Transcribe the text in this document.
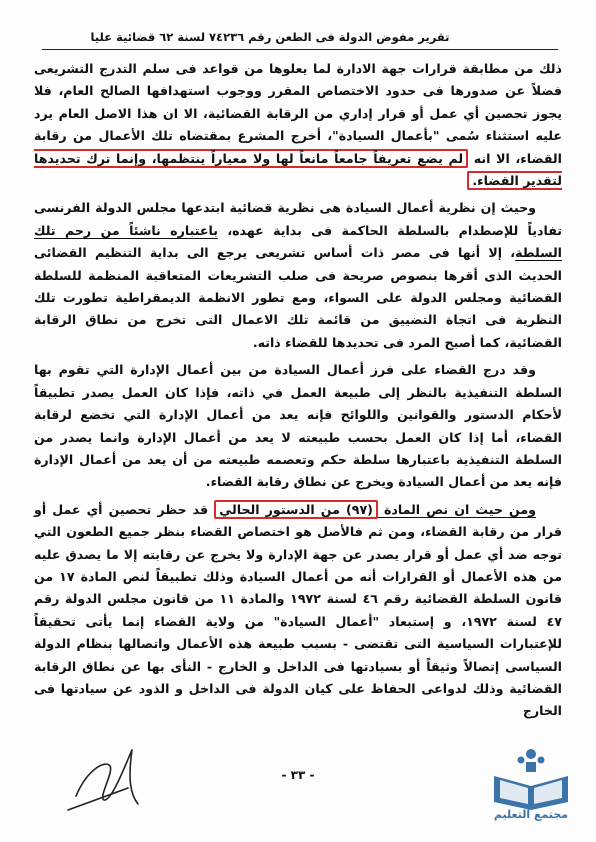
تقرير مفوض الدولة فى الطعن رقم ٧٤٢٣٦ لسنة ٦٢ قضائية عليا

ذلك من مطابقة قرارات جهة الادارة لما يعلوها من قواعد فى سلم التدرج التشريعى فضلاً عن صدورها فى حدود الاختصاص المقرر ووجوب استهدافها الصالح العام، فلا يجوز تحصين أي عمل أو قرار إداري من الرقابة القضائية، الا ان هذا الاصل العام يرد عليه استثناء سُمى "بأعمال السيادة"، أخرج المشرع بمقتضاه تلك الأعمال من رقابة القضاء، الا انه لم يضع تعريفاً جامعاً مانعاً لها ولا معياراً ينتظمها، وإنما ترك تحديدها لتقدير القضاء.

وحيث إن نظرية أعمال السيادة هى نظرية قضائية ابتدعها مجلس الدولة الفرنسى تفادياً للإصطدام بالسلطة الحاكمة فى بداية عهده، باعتباره ناشئاً من رحم تلك السلطة، إلا أنها فى مصر ذات أساس تشريعى يرجع الى بداية التنظيم القضائى الحديث الذى أقرها بنصوص صريحة فى صلب التشريعات المتعاقبة المنظمة للسلطة القضائية ومجلس الدولة على السواء، ومع تطور الانظمة الديمقراطية تطورت تلك النظرية فى اتجاة التضييق من قائمة تلك الاعمال التى تخرج من نطاق الرقابة القضائية، كما أصبح المرد فى تحديدها للقضاء ذاته.

وقد درج القضاء على فرز أعمال السيادة من بين أعمال الإدارة التي تقوم بها السلطة التنفيذية بالنظر إلى طبيعة العمل في ذاته، فإذا كان العمل يصدر تطبيقاً لأحكام الدستور والقوانين واللوائح فإنه يعد من أعمال الإدارة التي تخضع لرقابة القضاء، أما إذا كان العمل بحسب طبيعته لا يعد من أعمال الإدارة وانما يصدر من السلطة التنفيذية باعتبارها سلطة حكم وتعصمه طبيعته من أن يعد من أعمال الإدارة فإنه يعد من أعمال السيادة ويخرج عن نطاق رقابة القضاء.

ومن حيث ان نص المادة (٩٧) من الدستور الحالي قد حظر تحصين أي عمل أو قرار من رقابة القضاء، ومن ثم فالأصل هو اختصاص القضاء بنظر جميع الطعون التي توجه ضد أي عمل أو قرار يصدر عن جهة الإدارة ولا يخرج عن رقابته إلا ما يصدق عليه من هذه الأعمال أو القرارات أنه من أعمال السيادة وذلك تطبيقاً لنص المادة ١٧ من قانون السلطة القضائية رقم ٤٦ لسنة ١٩٧٢ والمادة ١١ من قانون مجلس الدولة رقم ٤٧ لسنة ١٩٧٢، و إستبعاد "أعمال السيادة" من ولاية القضاء إنما يأتى تحقيقاً للإعتبارات السياسية التى تقتضى - بسبب طبيعة هذه الأعمال واتصالها بنظام الدولة السياسى إتصالاً وثيقاً أو بسيادتها فى الداخل و الخارج - النأى بها عن نطاق الرقابة القضائية وذلك لدواعى الحفاظ على كيان الدولة فى الداخل و الذود عن سيادتها فى الخارج

- ٣٣ -
مجتمع التعليم
